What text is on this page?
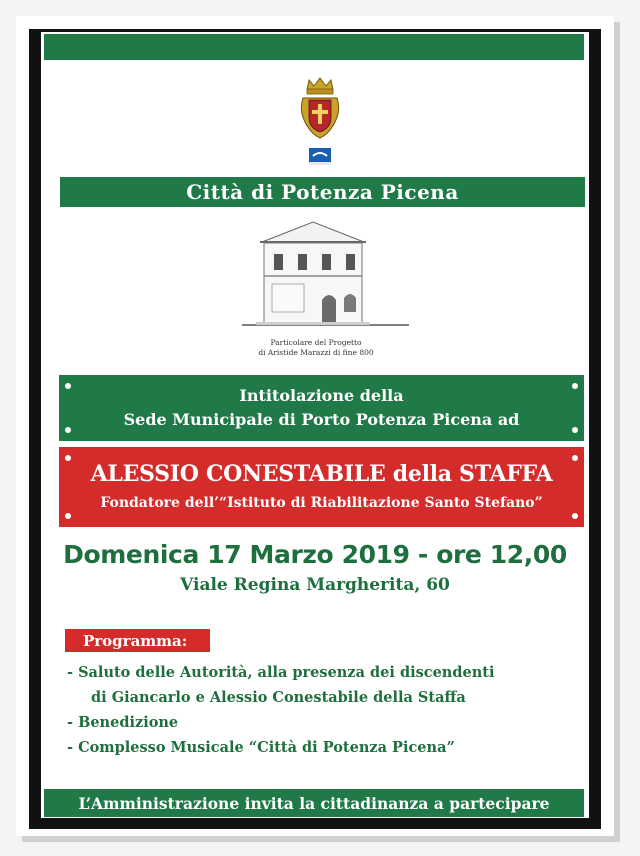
Città di Potenza Picena
Particolare del Progetto
di Aristide Marazzi di fine 800
Intitolazione della
Sede Municipale di Porto Potenza Picena ad
ALESSIO CONESTABILE della STAFFA
Fondatore dell’“Istituto di Riabilitazione Santo Stefano”
Domenica 17 Marzo 2019 - ore 12,00
Viale Regina Margherita, 60
Programma:
- Saluto delle Autorità, alla presenza dei discendenti
di Giancarlo e Alessio Conestabile della Staffa
- Benedizione
- Complesso Musicale “Città di Potenza Picena”
L’Amministrazione invita la cittadinanza a partecipare
